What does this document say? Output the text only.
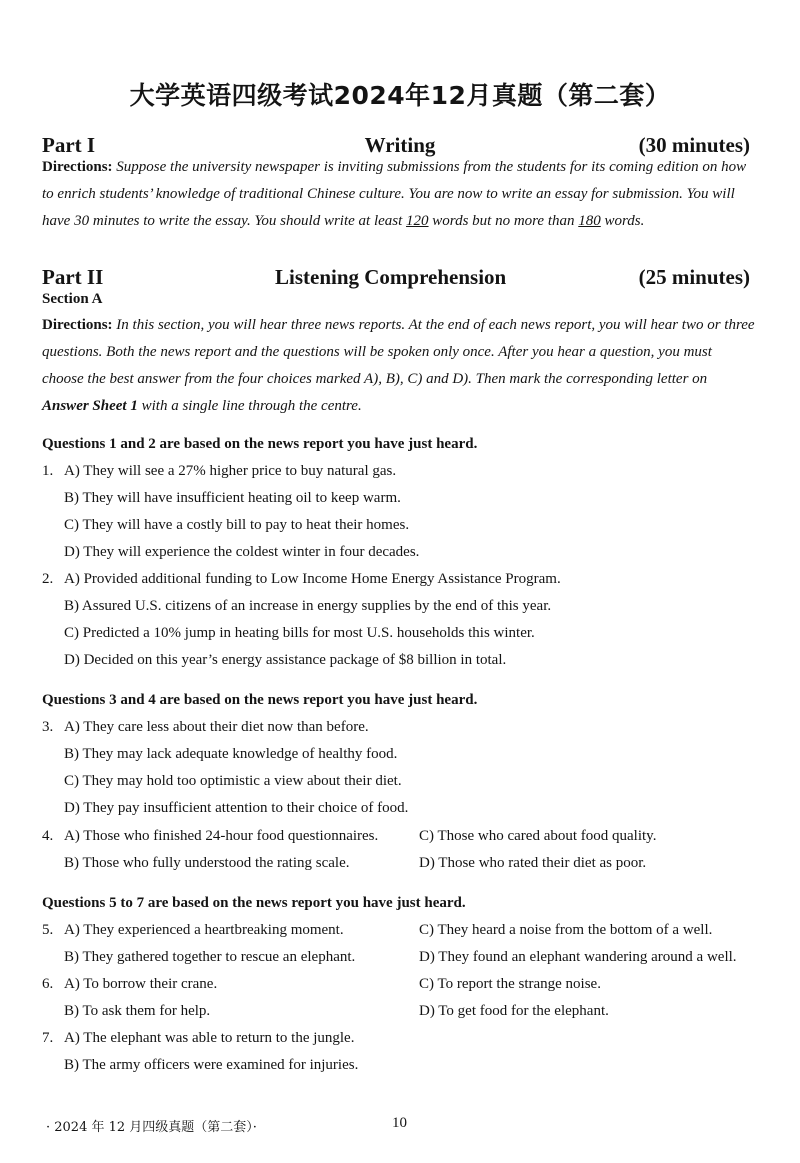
大学英语四级考试2024年12月真题（第二套）
Part I	Writing	(30 minutes)
Directions: Suppose the university newspaper is inviting submissions from the students for its coming edition on how to enrich students’ knowledge of traditional Chinese culture. You are now to write an essay for submission. You will have 30 minutes to write the essay. You should write at least 120 words but no more than 180 words.
Part II	Listening Comprehension	(25 minutes)
Section A
Directions: In this section, you will hear three news reports. At the end of each news report, you will hear two or three questions. Both the news report and the questions will be spoken only once. After you hear a question, you must choose the best answer from the four choices marked A), B), C) and D). Then mark the corresponding letter on Answer Sheet 1 with a single line through the centre.
Questions 1 and 2 are based on the news report you have just heard.
1. A) They will see a 27% higher price to buy natural gas.
B) They will have insufficient heating oil to keep warm.
C) They will have a costly bill to pay to heat their homes.
D) They will experience the coldest winter in four decades.
2. A) Provided additional funding to Low Income Home Energy Assistance Program.
B) Assured U.S. citizens of an increase in energy supplies by the end of this year.
C) Predicted a 10% jump in heating bills for most U.S. households this winter.
D) Decided on this year’s energy assistance package of $8 billion in total.
Questions 3 and 4 are based on the news report you have just heard.
3. A) They care less about their diet now than before.
B) They may lack adequate knowledge of healthy food.
C) They may hold too optimistic a view about their diet.
D) They pay insufficient attention to their choice of food.
4. A) Those who finished 24-hour food questionnaires.	C) Those who cared about food quality.
B) Those who fully understood the rating scale.	D) Those who rated their diet as poor.
Questions 5 to 7 are based on the news report you have just heard.
5. A) They experienced a heartbreaking moment.	C) They heard a noise from the bottom of a well.
B) They gathered together to rescue an elephant.	D) They found an elephant wandering around a well.
6. A) To borrow their crane.	C) To report the strange noise.
B) To ask them for help.	D) To get food for the elephant.
7. A) The elephant was able to return to the jungle.
B) The army officers were examined for injuries.
· 2024 年 12 月四级真题（第二套）·	10
